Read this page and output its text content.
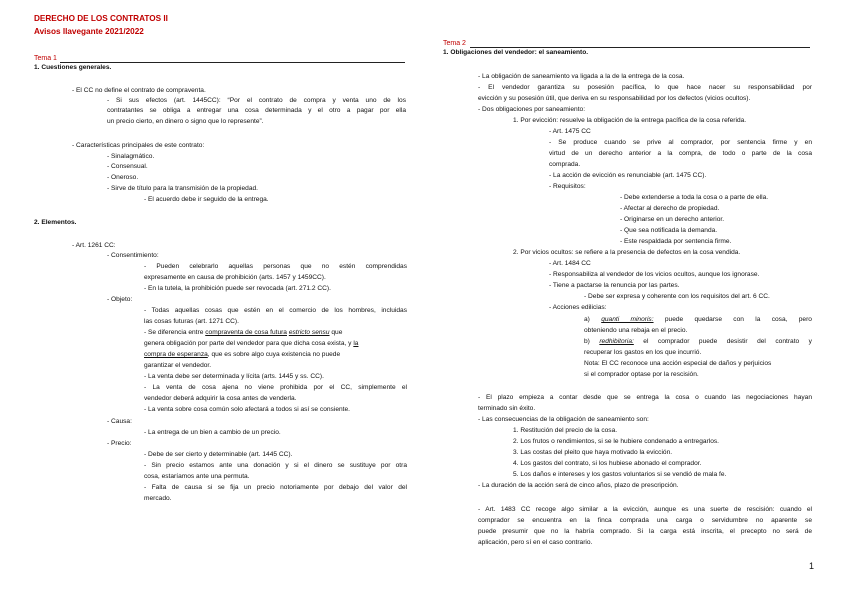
DERECHO DE LOS CONTRATOS II
Avisos llavegante 2021/2022
Tema 1
1. Cuestiones generales.
- El CC no define el contrato de compraventa.
- Si sus efectos (art. 1445CC): “Por el contrato de compra y venta uno de los
contratantes se obliga a entregar una cosa determinada y el otro a pagar por ella
un precio cierto, en dinero o signo que lo represente”.
- Características principales de este contrato:
- Sinalagmático.
- Consensual.
- Oneroso.
- Sirve de título para la transmisión de la propiedad.
- El acuerdo debe ir seguido de la entrega.
2. Elementos.
- Art. 1261 CC:
- Consentimiento:
- Pueden celebrarlo aquellas personas que no estén comprendidas
expresamente en causa de prohibición (arts. 1457 y 1459CC).
- En la tutela, la prohibición puede ser revocada (art. 271.2 CC).
- Objeto:
- Todas aquellas cosas que estén en el comercio de los hombres, incluidas
las cosas futuras (art. 1271 CC).
- Se diferencia entre compraventa de cosa futura estricto sensu que
genera obligación por parte del vendedor para que dicha cosa exista, y la
compra de esperanza, que es sobre algo cuya existencia no puede
garantizar el vendedor.
- La venta debe ser determinada y lícita (arts. 1445 y ss. CC).
- La venta de cosa ajena no viene prohibida por el CC, simplemente el
vendedor deberá adquirir la cosa antes de venderla.
- La venta sobre cosa común solo afectará a todos si así se consiente.
- Causa:
- La entrega de un bien a cambio de un precio.
- Precio:
- Debe de ser cierto y determinable (art. 1445 CC).
- Sin precio estamos ante una donación y si el dinero se sustituye por otra
cosa, estaríamos ante una permuta.
- Falta de causa si se fija un precio notoriamente por debajo del valor del
mercado.
Tema 2
1. Obligaciones del vendedor: el saneamiento.
- La obligación de saneamiento va ligada a la de la entrega de la cosa.
- El vendedor garantiza su posesión pacífica, lo que hace nacer su responsabilidad por
evicción y su posesión útil, que deriva en su responsabilidad por los defectos (vicios ocultos).
- Dos obligaciones por saneamiento:
1. Por evicción: resuelve la obligación de la entrega pacífica de la cosa referida.
- Art. 1475 CC
- Se produce cuando se prive al comprador, por sentencia firme y en
virtud de un derecho anterior a la compra, de todo o parte de la cosa
comprada.
- La acción de evicción es renunciable (art. 1475 CC).
- Requisitos:
- Debe extenderse a toda la cosa o a parte de ella.
- Afectar al derecho de propiedad.
- Originarse en un derecho anterior.
- Que sea notificada la demanda.
- Este respaldada por sentencia firme.
2. Por vicios ocultos: se refiere a la presencia de defectos en la cosa vendida.
- Art. 1484 CC
- Responsabiliza al vendedor de los vicios ocultos, aunque los ignorase.
- Tiene a pactarse la renuncia por las partes.
- Debe ser expresa y coherente con los requisitos del art. 6 CC.
- Acciones edilicias:
a) quanti minoris: puede quedarse con la cosa, pero
obteniendo una rebaja en el precio.
b) redhibitoria: el comprador puede desistir del contrato y
recuperar los gastos en los que incurrió.
Nota: El CC reconoce una acción especial de daños y perjuicios
si el comprador optase por la rescisión.
- El plazo empieza a contar desde que se entrega la cosa o cuando las negociaciones hayan
terminado sin éxito.
- Las consecuencias de la obligación de saneamiento son:
1. Restitución del precio de la cosa.
2. Los frutos o rendimientos, si se le hubiere condenado a entregarlos.
3. Las costas del pleito que haya motivado la evicción.
4. Los gastos del contrato, si los hubiese abonado el comprador.
5. Los daños e intereses y los gastos voluntarios si se vendió de mala fe.
- La duración de la acción será de cinco años, plazo de prescripción.
- Art. 1483 CC recoge algo similar a la evicción, aunque es una suerte de rescisión: cuando el
comprador se encuentra en la finca comprada una carga o servidumbre no aparente se
puede presumir que no la habría comprado. Si la carga está inscrita, el precepto no será de
aplicación, pero sí en el caso contrario.
1
